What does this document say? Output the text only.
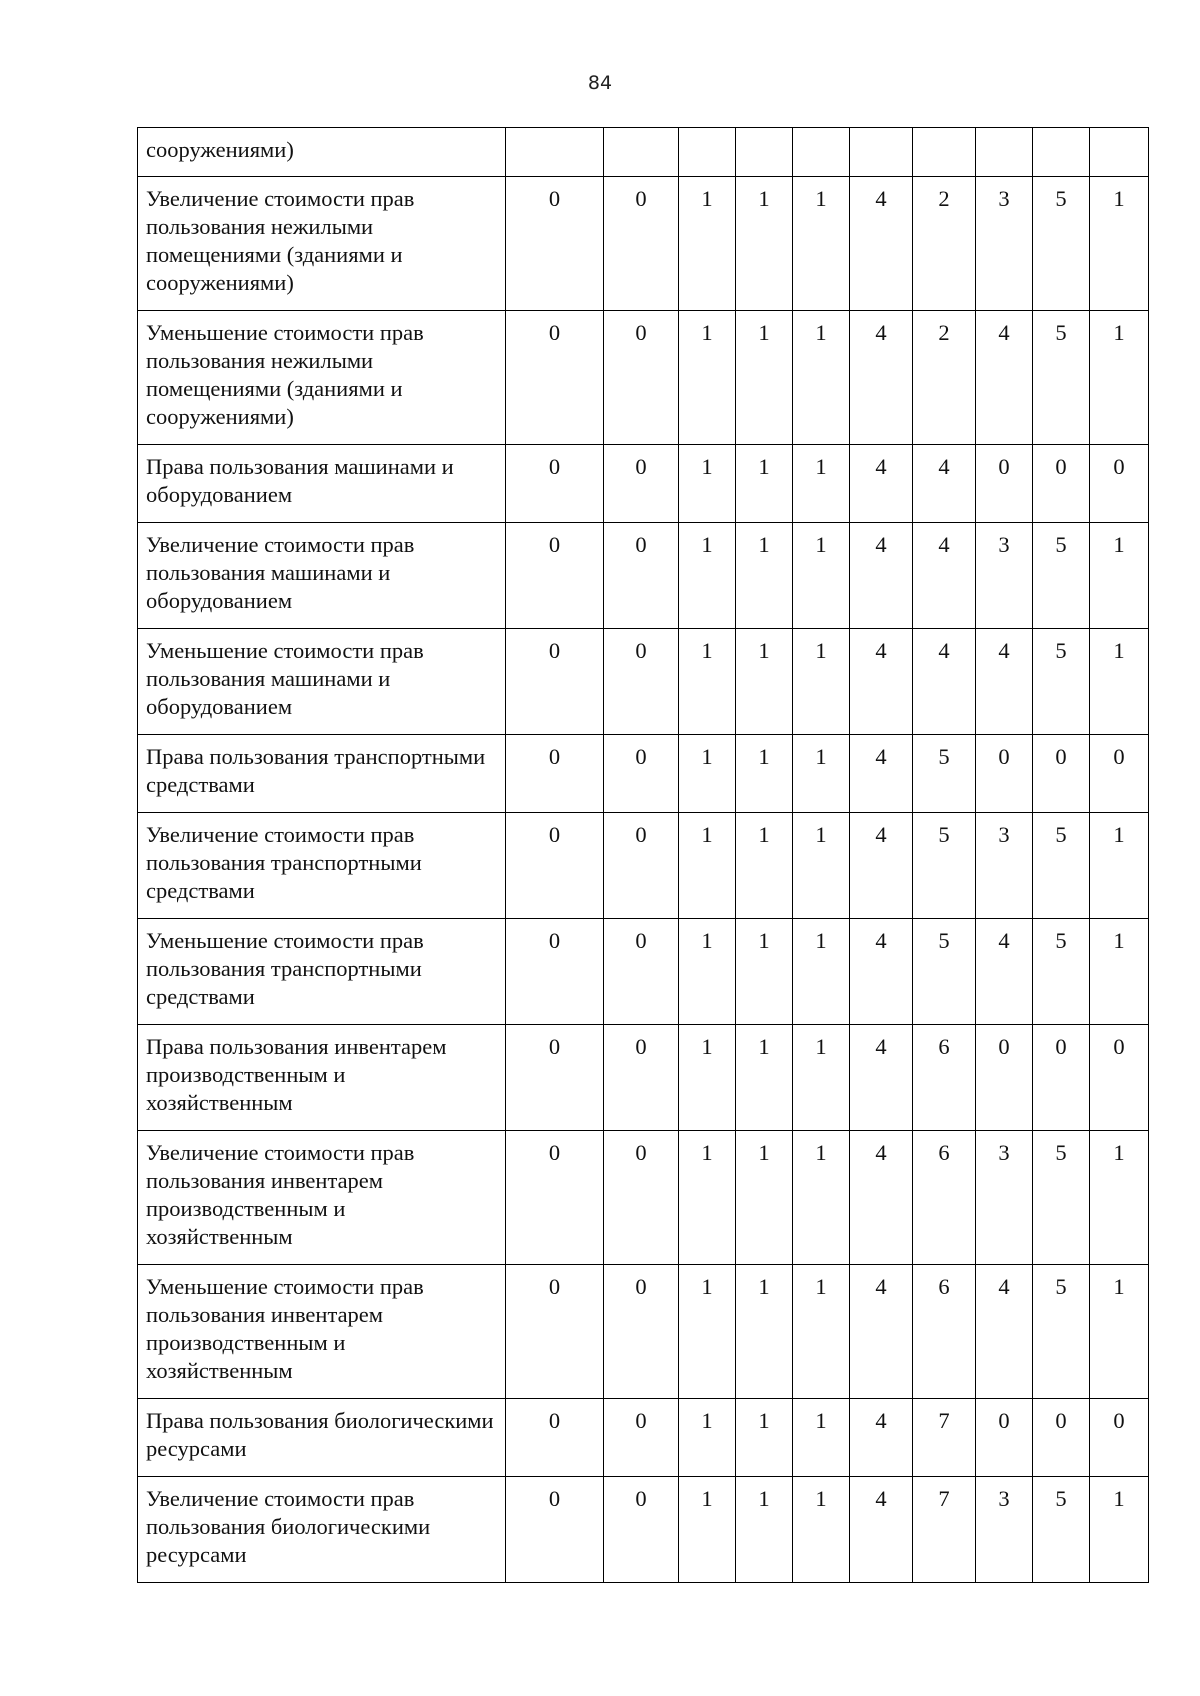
84
сооружениями)										
Увеличение стоимости прав пользования нежилыми помещениями (зданиями и сооружениями)	0	0	1	1	1	4	2	3	5	1
Уменьшение стоимости прав пользования нежилыми помещениями (зданиями и сооружениями)	0	0	1	1	1	4	2	4	5	1
Права пользования машинами и оборудованием	0	0	1	1	1	4	4	0	0	0
Увеличение стоимости прав пользования машинами и оборудованием	0	0	1	1	1	4	4	3	5	1
Уменьшение стоимости прав пользования машинами и оборудованием	0	0	1	1	1	4	4	4	5	1
Права пользования транспортными средствами	0	0	1	1	1	4	5	0	0	0
Увеличение стоимости прав пользования транспортными средствами	0	0	1	1	1	4	5	3	5	1
Уменьшение стоимости прав пользования транспортными средствами	0	0	1	1	1	4	5	4	5	1
Права пользования инвентарем производственным и хозяйственным	0	0	1	1	1	4	6	0	0	0
Увеличение стоимости прав пользования инвентарем производственным и хозяйственным	0	0	1	1	1	4	6	3	5	1
Уменьшение стоимости прав пользования инвентарем производственным и хозяйственным	0	0	1	1	1	4	6	4	5	1
Права пользования биологическими ресурсами	0	0	1	1	1	4	7	0	0	0
Увеличение стоимости прав пользования биологическими ресурсами	0	0	1	1	1	4	7	3	5	1
